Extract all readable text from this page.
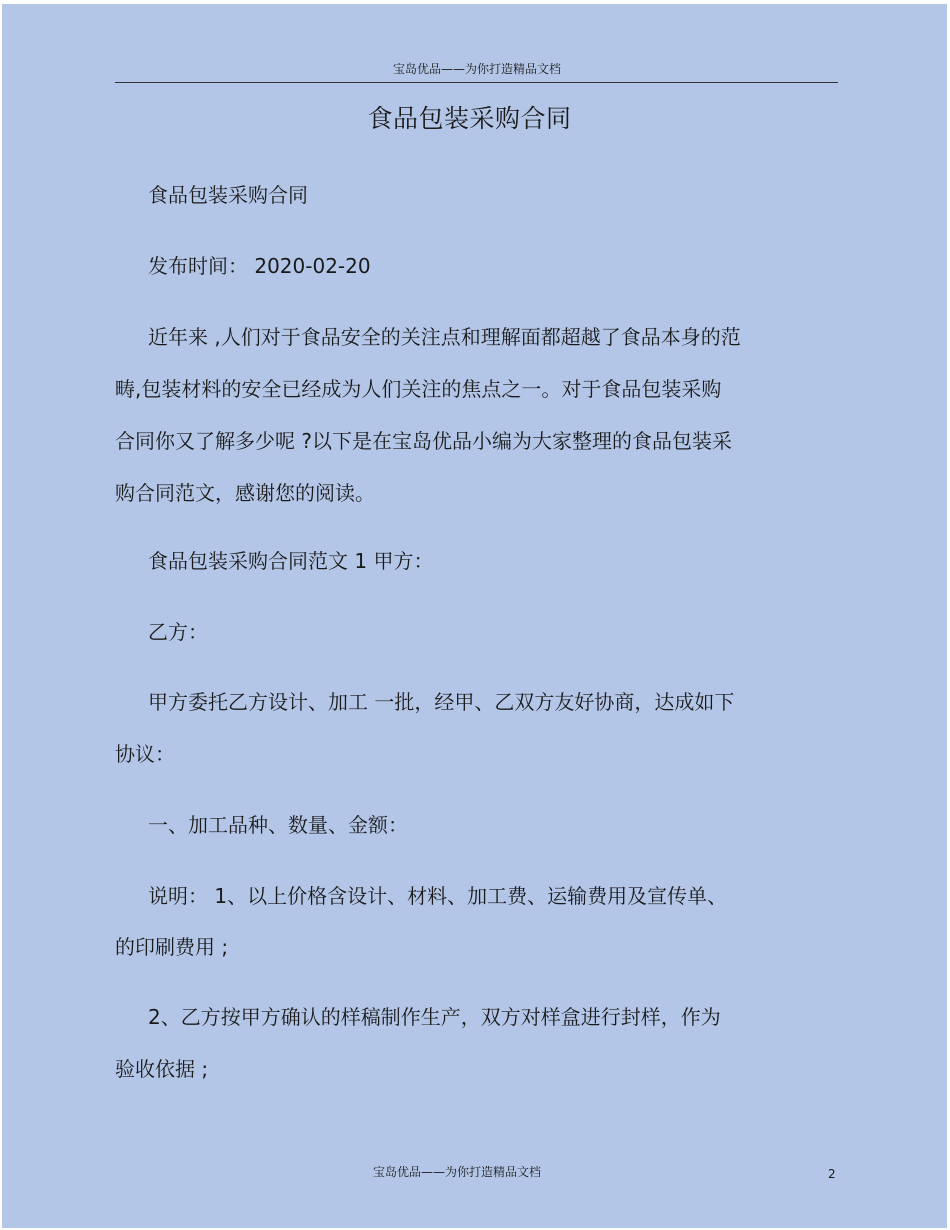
宝岛优品——为你打造精品文档
食品包装采购合同
食品包装采购合同
发布时间： 2020-02-20
近年来 ,人们对于食品安全的关注点和理解面都超越了食品本身的范
畴,包装材料的安全已经成为人们关注的焦点之一。对于食品包装采购
合同你又了解多少呢 ?以下是在宝岛优品小编为大家整理的食品包装采
购合同范文，感谢您的阅读。
食品包装采购合同范文 1 甲方：
乙方：
甲方委托乙方设计、加工 一批，经甲、乙双方友好协商，达成如下
协议：
一、加工品种、数量、金额：
说明： 1、以上价格含设计、材料、加工费、运输费用及宣传单、
的印刷费用 ;
2、乙方按甲方确认的样稿制作生产，双方对样盒进行封样，作为
验收依据 ;
宝岛优品——为你打造精品文档	2
